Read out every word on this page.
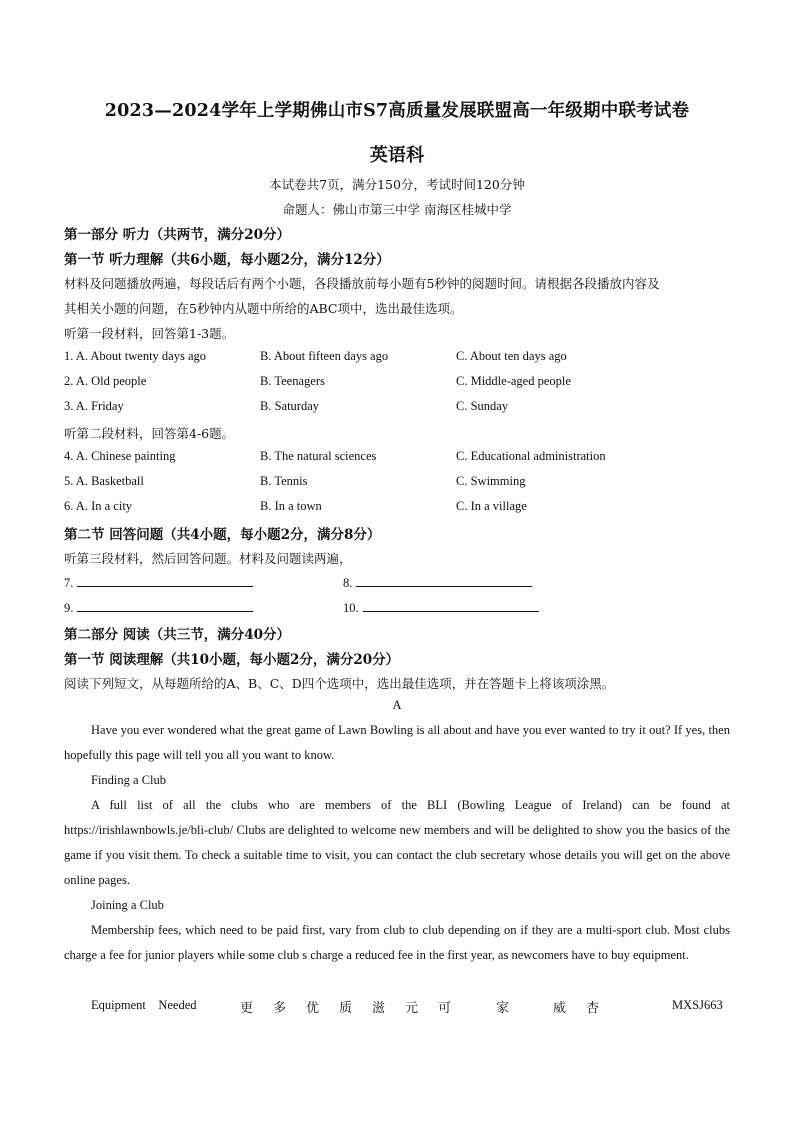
2023—2024学年上学期佛山市S7高质量发展联盟高一年级期中联考试卷
英语科
本试卷共7页，满分150分，考试时间120分钟
命题人：佛山市第三中学 南海区桂城中学
第一部分 听力（共两节，满分20分）
第一节 听力理解（共6小题，每小题2分，满分12分）
材料及问题播放两遍，每段话后有两个小题，各段播放前每小题有5秒钟的阅题时间。请根据各段播放内容及
其相关小题的问题，在5秒钟内从题中所给的ABC项中，选出最佳选项。
听第一段材料，回答第1-3题。
1. A. About twenty days ago	B. About fifteen days ago	C. About ten days ago
2. A. Old people	B. Teenagers	C. Middle-aged people
3. A. Friday	B. Saturday	C. Sunday
听第二段材料，回答第4-6题。
4. A. Chinese painting	B. The natural sciences	C. Educational administration
5. A. Basketball	B. Tennis	C. Swimming
6. A. In a city	B. In a town	C. In a village
第二节 回答问题（共4小题，每小题2分，满分8分）
听第三段材料，然后回答问题。材料及问题读两遍，
7.	8.
9.	10.
第二部分 阅读（共三节，满分40分）
第一节 阅读理解（共10小题，每小题2分，满分20分）
阅读下列短文，从每题所给的A、B、C、D四个选项中，选出最佳选项，并在答题卡上将该项涂黑。
A
Have you ever wondered what the great game of Lawn Bowling is all about and have you ever wanted to try it out? If yes, then hopefully this page will tell you all you want to know.
Finding a Club
A full list of all the clubs who are members of the BLI (Bowling League of Ireland) can be found at https://irishlawnbowls.je/bli-club/ Clubs are delighted to welcome new members and will be delighted to show you the basics of the game if you visit them. To check a suitable time to visit, you can contact the club secretary whose details you will get on the above online pages.
Joining a Club
Membership fees, which need to be paid first, vary from club to club depending on if they are a multi-sport club. Most clubs charge a fee for junior players while some club s charge a reduced fee in the first year, as newcomers have to buy equipment.
Equipment    Needed	更 多 优 质 滋 元 可	家	威 杏	MXSJ663
